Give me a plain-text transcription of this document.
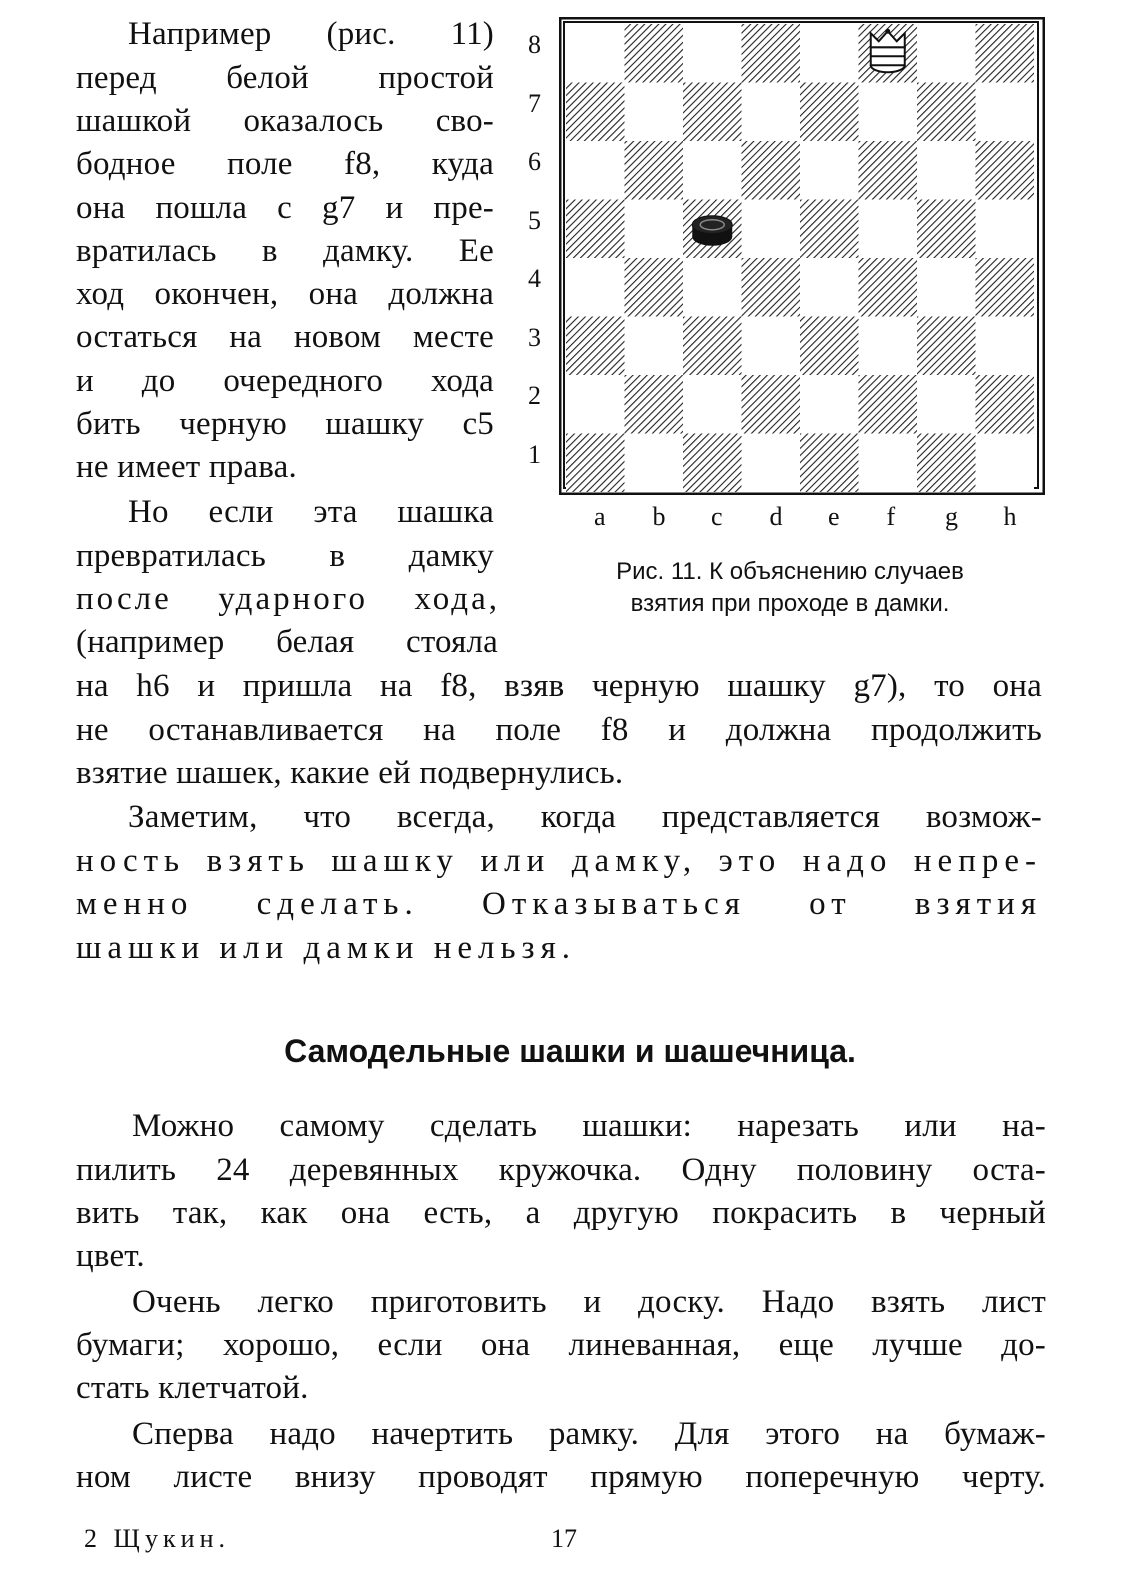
Например (рис. 11)
перед белой простой
шашкой оказалось сво-
бодное поле f8, куда
она пошла с g7 и пре-
вратилась в дамку. Ее
ход окончен, она должна
остаться на новом месте
и до очередного хода
бить черную шашку с5
не имеет права.
Но если эта шашка
превратилась в дамку
после ударного хода,
(например белая стояла
8
7
6
5
4
3
2
1
a b c d e f g h
Рис. 11. К объяснению случаев
взятия при проходе в дамки.
на h6 и пришла на f8, взяв черную шашку g7), то она
не останавливается на поле f8 и должна продолжить
взятие шашек, какие ей подвернулись.
Заметим, что всегда, когда представляется возмож-
ность взять шашку или дамку, это надо непре-
менно сделать. Отказываться от взятия
шашки или дамки нельзя.
Самодельные шашки и шашечница.
Можно самому сделать шашки: нарезать или на-
пилить 24 деревянных кружочка. Одну половину оста-
вить так, как она есть, а другую покрасить в черный
цвет.
Очень легко приготовить и доску. Надо взять лист
бумаги; хорошо, если она линеванная, еще лучше до-
стать клетчатой.
Сперва надо начертить рамку. Для этого на бумаж-
ном листе внизу проводят прямую поперечную черту.
2 Щукин.	17
